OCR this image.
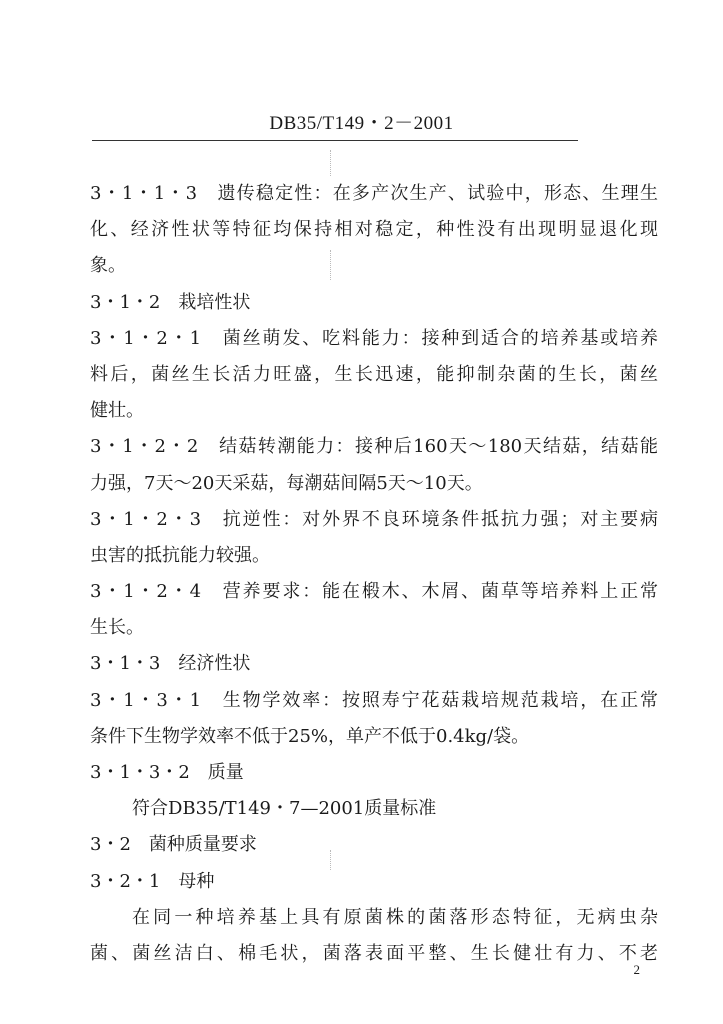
DB35/T149・2－2001
3・1・1・3　遗传稳定性：在多产次生产、试验中，形态、生理生
化、经济性状等特征均保持相对稳定，种性没有出现明显退化现
象。
3・1・2　栽培性状
3・1・2・1　菌丝萌发、吃料能力：接种到适合的培养基或培养
料后，菌丝生长活力旺盛，生长迅速，能抑制杂菌的生长，菌丝
健壮。
3・1・2・2　结菇转潮能力：接种后160天～180天结菇，结菇能
力强，7天～20天采菇，每潮菇间隔5天～10天。
3・1・2・3　抗逆性：对外界不良环境条件抵抗力强；对主要病
虫害的抵抗能力较强。
3・1・2・4　营养要求：能在椴木、木屑、菌草等培养料上正常
生长。
3・1・3　经济性状
3・1・3・1　生物学效率：按照寿宁花菇栽培规范栽培，在正常
条件下生物学效率不低于25%，单产不低于0.4kg/袋。
3・1・3・2　质量
符合DB35/T149・7—2001质量标准
3・2　菌种质量要求
3・2・1　母种
在同一种培养基上具有原菌株的菌落形态特征，无病虫杂
菌、菌丝洁白、棉毛状，菌落表面平整、生长健壮有力、不老
2
